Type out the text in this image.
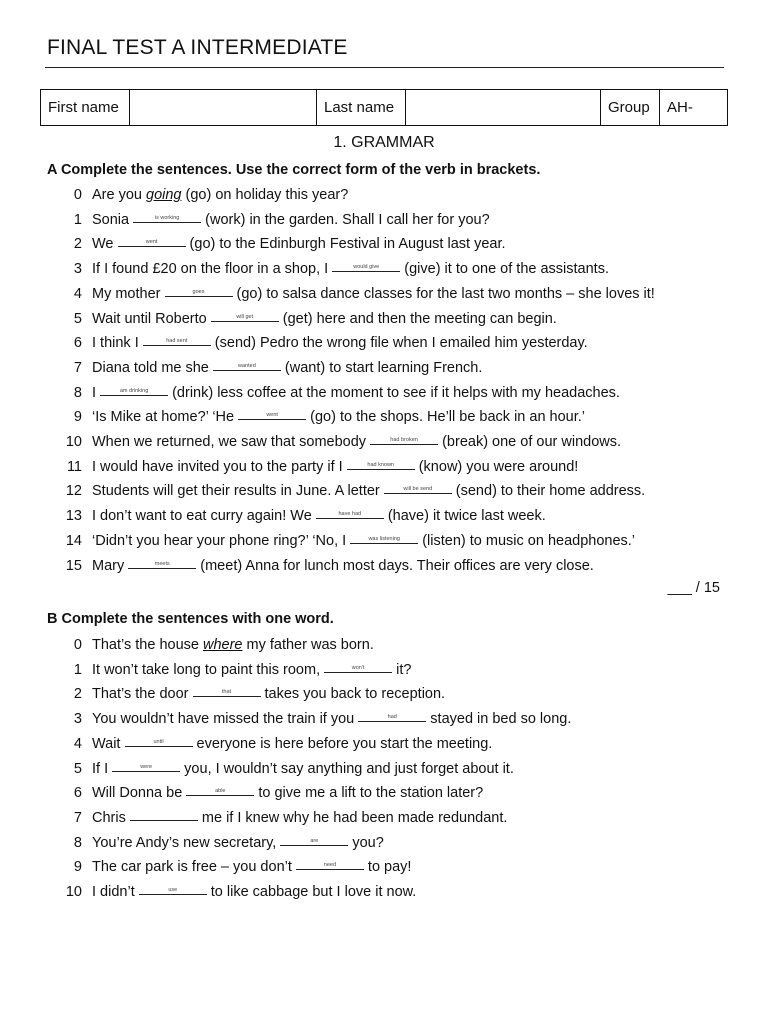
FINAL TEST A INTERMEDIATE
First name		Last name		Group	AH-
1. GRAMMAR
A Complete the sentences. Use the correct form of the verb in brackets.
0 Are you going (go) on holiday this year?
1 Sonia	is working	(work) in the garden. Shall I call her for you?
2 We	went	(go) to the Edinburgh Festival in August last year.
3 If I found £20 on the floor in a shop, I	would give	(give) it to one of the assistants.
4 My mother	goes	(go) to salsa dance classes for the last two months – she loves it!
5 Wait until Roberto	will get	(get) here and then the meeting can begin.
6 I think I	had sent	(send) Pedro the wrong file when I emailed him yesterday.
7 Diana told me she	wanted	(want) to start learning French.
8 I	am drinking	(drink) less coffee at the moment to see if it helps with my headaches.
9 ‘Is Mike at home?’ ‘He	went	(go) to the shops. He’ll be back in an hour.’
10 When we returned, we saw that somebody	had broken	(break) one of our windows.
11 I would have invited you to the party if I	had known	(know) you were around!
12 Students will get their results in June. A letter	will be send	(send) to their home address.
13 I don’t want to eat curry again! We	have had	(have) it twice last week.
14 ‘Didn’t you hear your phone ring?’ ‘No, I	was listening	(listen) to music on headphones.’
15 Mary	meets	(meet) Anna for lunch most days. Their offices are very close.
___ / 15
B Complete the sentences with one word.
0 That’s the house where my father was born.
1 It won’t take long to paint this room,	won't	it?
2 That’s the door	that	takes you back to reception.
3 You wouldn’t have missed the train if you	had	stayed in bed so long.
4 Wait	until	everyone is here before you start the meeting.
5 If I	were	you, I wouldn’t say anything and just forget about it.
6 Will Donna be	able	to give me a lift to the station later?
7 Chris	me if I knew why he had been made redundant.
8 You’re Andy’s new secretary,	are	you?
9 The car park is free – you don’t	need	to pay!
10 I didn’t	use	to like cabbage but I love it now.
